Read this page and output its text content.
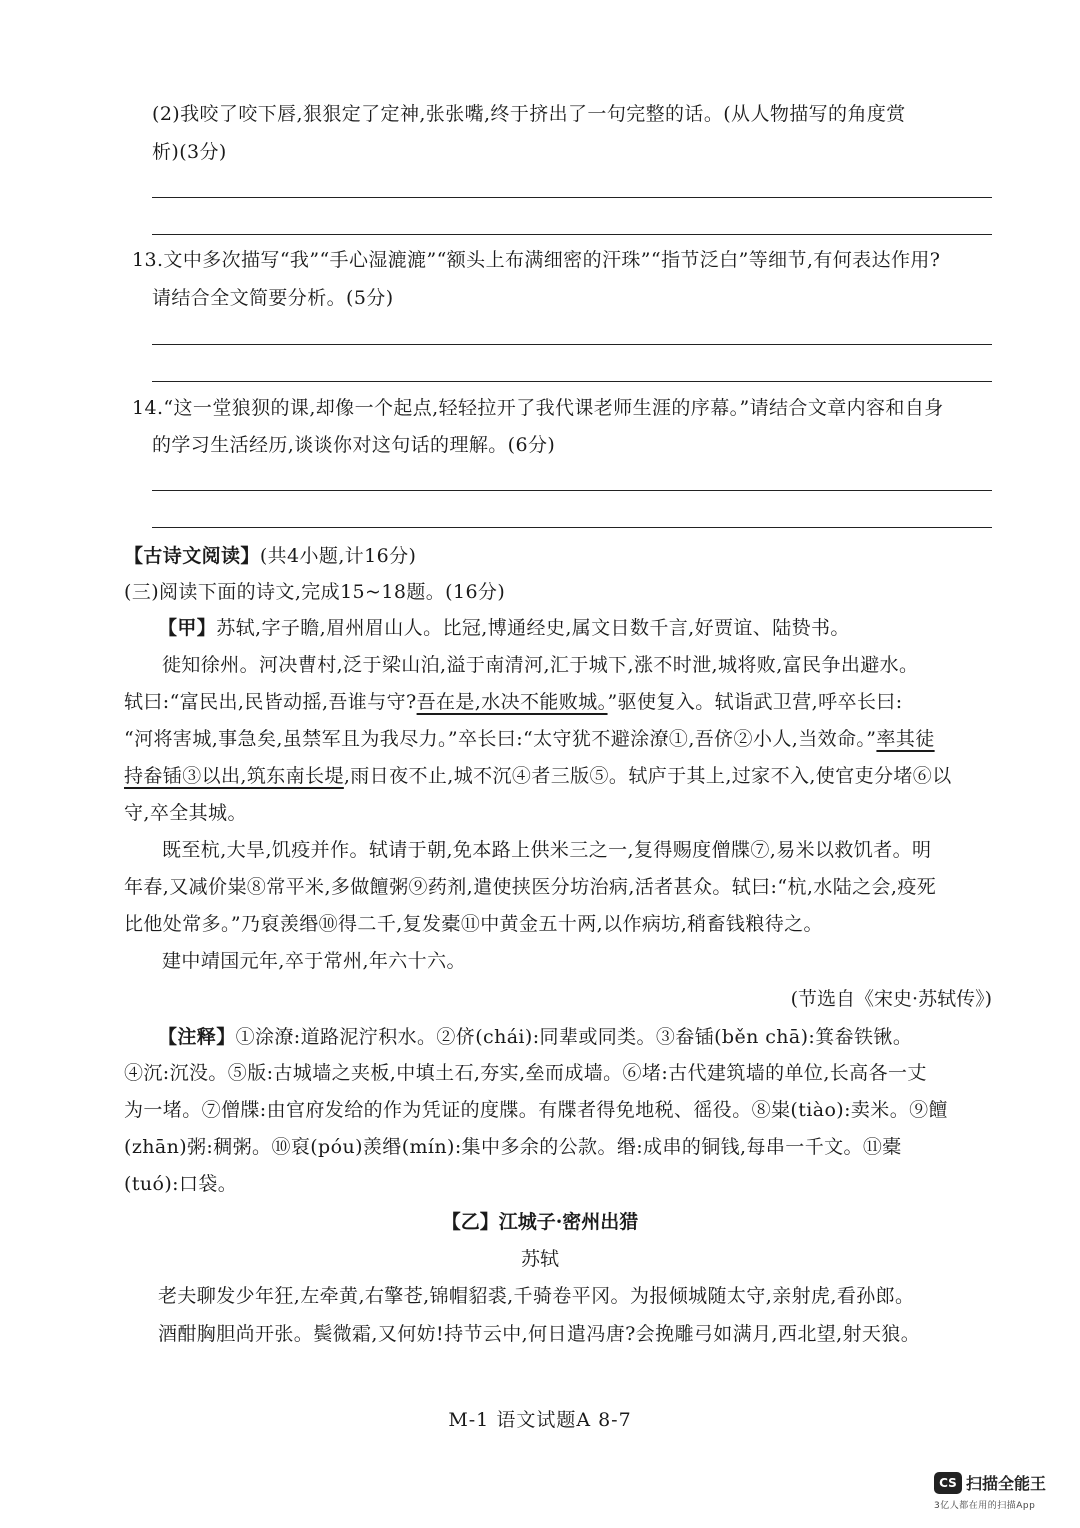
(2)我咬了咬下唇,狠狠定了定神,张张嘴,终于挤出了一句完整的话。(从人物描写的角度赏
析)(3分)
13.文中多次描写“我”“手心湿漉漉”“额头上布满细密的汗珠”“指节泛白”等细节,有何表达作用?
请结合全文简要分析。(5分)
14.“这一堂狼狈的课,却像一个起点,轻轻拉开了我代课老师生涯的序幕。”请结合文章内容和自身
的学习生活经历,谈谈你对这句话的理解。(6分)
【古诗文阅读】(共4小题,计16分)
(三)阅读下面的诗文,完成15~18题。(16分)
【甲】苏轼,字子瞻,眉州眉山人。比冠,博通经史,属文日数千言,好贾谊、陆贽书。
徙知徐州。河决曹村,泛于梁山泊,溢于南清河,汇于城下,涨不时泄,城将败,富民争出避水。
轼曰:“富民出,民皆动摇,吾谁与守?吾在是,水决不能败城。”驱使复入。轼诣武卫营,呼卒长曰:
“河将害城,事急矣,虽禁军且为我尽力。”卒长曰:“太守犹不避涂潦①,吾侪②小人,当效命。”率其徒
持畚锸③以出,筑东南长堤,雨日夜不止,城不沉④者三版⑤。轼庐于其上,过家不入,使官吏分堵⑥以
守,卒全其城。
既至杭,大旱,饥疫并作。轼请于朝,免本路上供米三之一,复得赐度僧牒⑦,易米以救饥者。明
年春,又减价粜⑧常平米,多做饘粥⑨药剂,遣使挟医分坊治病,活者甚众。轼曰:“杭,水陆之会,疫死
比他处常多。”乃裒羡缗⑩得二千,复发橐⑪中黄金五十两,以作病坊,稍畜钱粮待之。
建中靖国元年,卒于常州,年六十六。
(节选自《宋史·苏轼传》)
【注释】①涂潦:道路泥泞积水。②侪(chái):同辈或同类。③畚锸(běn chā):箕畚铁锹。
④沉:沉没。⑤版:古城墙之夹板,中填土石,夯实,垒而成墙。⑥堵:古代建筑墙的单位,长高各一丈
为一堵。⑦僧牒:由官府发给的作为凭证的度牒。有牒者得免地税、徭役。⑧粜(tiào):卖米。⑨饘
(zhān)粥:稠粥。⑩裒(póu)羡缗(mín):集中多余的公款。缗:成串的铜钱,每串一千文。⑪橐
(tuó):口袋。
【乙】江城子·密州出猎
苏轼
老夫聊发少年狂,左牵黄,右擎苍,锦帽貂裘,千骑卷平冈。为报倾城随太守,亲射虎,看孙郎。
酒酣胸胆尚开张。鬓微霜,又何妨!持节云中,何日遣冯唐?会挽雕弓如满月,西北望,射天狼。
M-1 语文试题A 8-7
CS 扫描全能王
3亿人都在用的扫描App
